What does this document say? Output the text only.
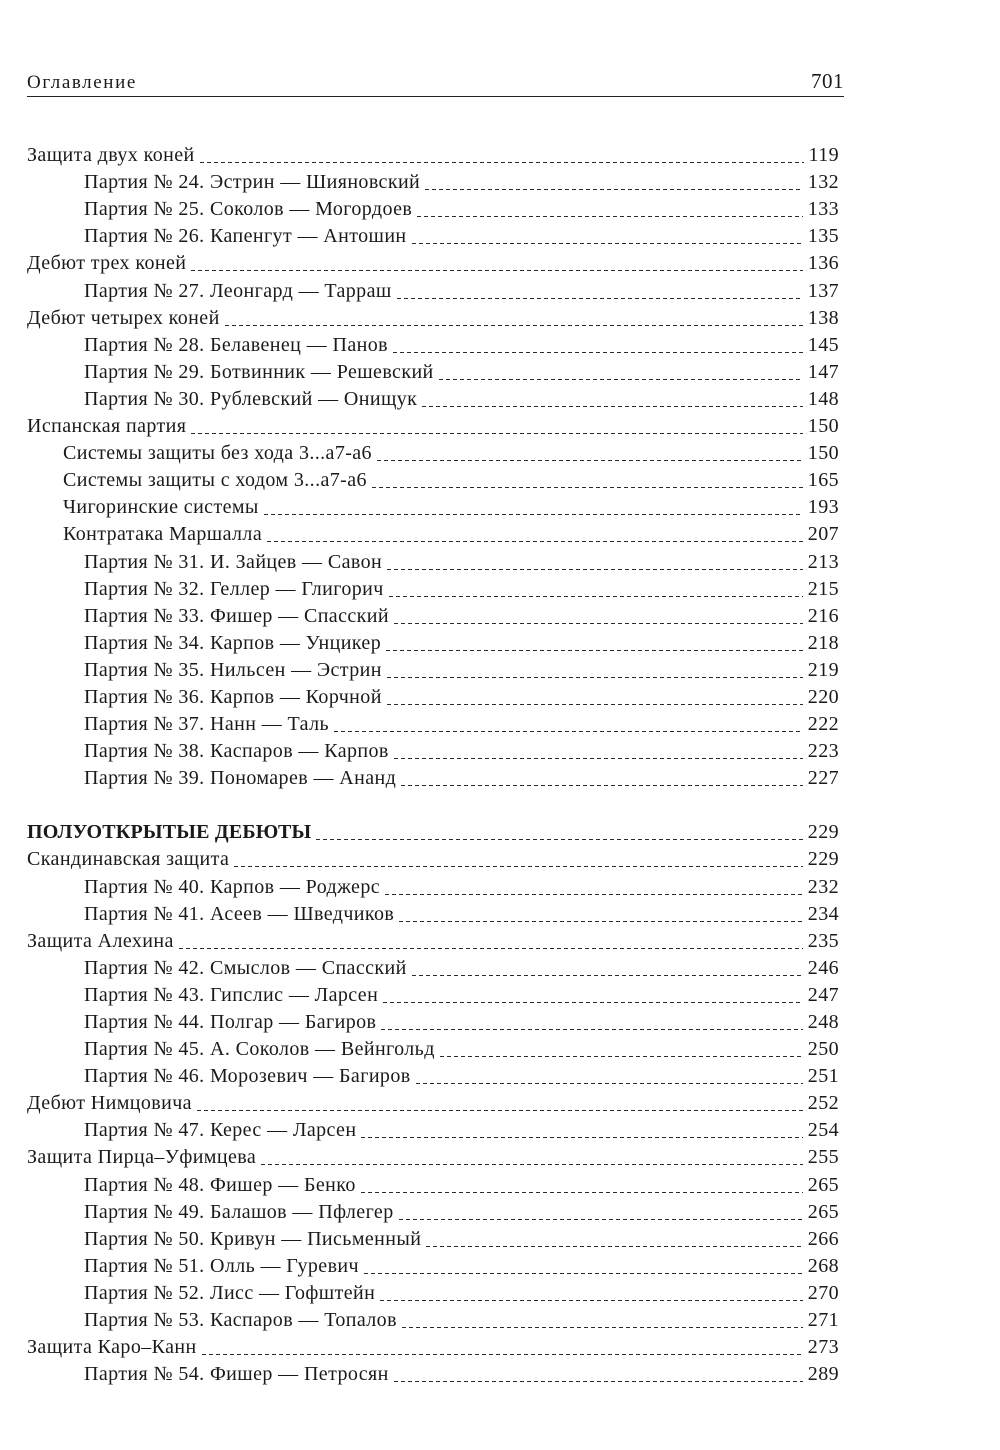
Оглавление	701
Защита двух коней	119
Партия № 24. Эстрин — Шияновский	132
Партия № 25. Соколов — Могордоев	133
Партия № 26. Капенгут — Антошин	135
Дебют трех коней	136
Партия № 27. Леонгард — Тарраш	137
Дебют четырех коней	138
Партия № 28. Белавенец — Панов	145
Партия № 29. Ботвинник — Решевский	147
Партия № 30. Рублевский — Онищук	148
Испанская партия	150
Системы защиты без хода 3...a7-a6	150
Системы защиты с ходом 3...a7-a6	165
Чигоринские системы	193
Контратака Маршалла	207
Партия № 31. И. Зайцев — Савон	213
Партия № 32. Геллер — Глигорич	215
Партия № 33. Фишер — Спасский	216
Партия № 34. Карпов — Унцикер	218
Партия № 35. Нильсен — Эстрин	219
Партия № 36. Карпов — Корчной	220
Партия № 37. Нанн — Таль	222
Партия № 38. Каспаров — Карпов	223
Партия № 39. Пономарев — Ананд	227
ПОЛУОТКРЫТЫЕ ДЕБЮТЫ	229
Скандинавская защита	229
Партия № 40. Карпов — Роджерс	232
Партия № 41. Асеев — Шведчиков	234
Защита Алехина	235
Партия № 42. Смыслов — Спасский	246
Партия № 43. Гипслис — Ларсен	247
Партия № 44. Полгар — Багиров	248
Партия № 45. А. Соколов — Вейнгольд	250
Партия № 46. Морозевич — Багиров	251
Дебют Нимцовича	252
Партия № 47. Керес — Ларсен	254
Защита Пирца–Уфимцева	255
Партия № 48. Фишер — Бенко	265
Партия № 49. Балашов — Пфлегер	265
Партия № 50. Кривун — Письменный	266
Партия № 51. Олль — Гуревич	268
Партия № 52. Лисс — Гофштейн	270
Партия № 53. Каспаров — Топалов	271
Защита Каро–Канн	273
Партия № 54. Фишер — Петросян	289
